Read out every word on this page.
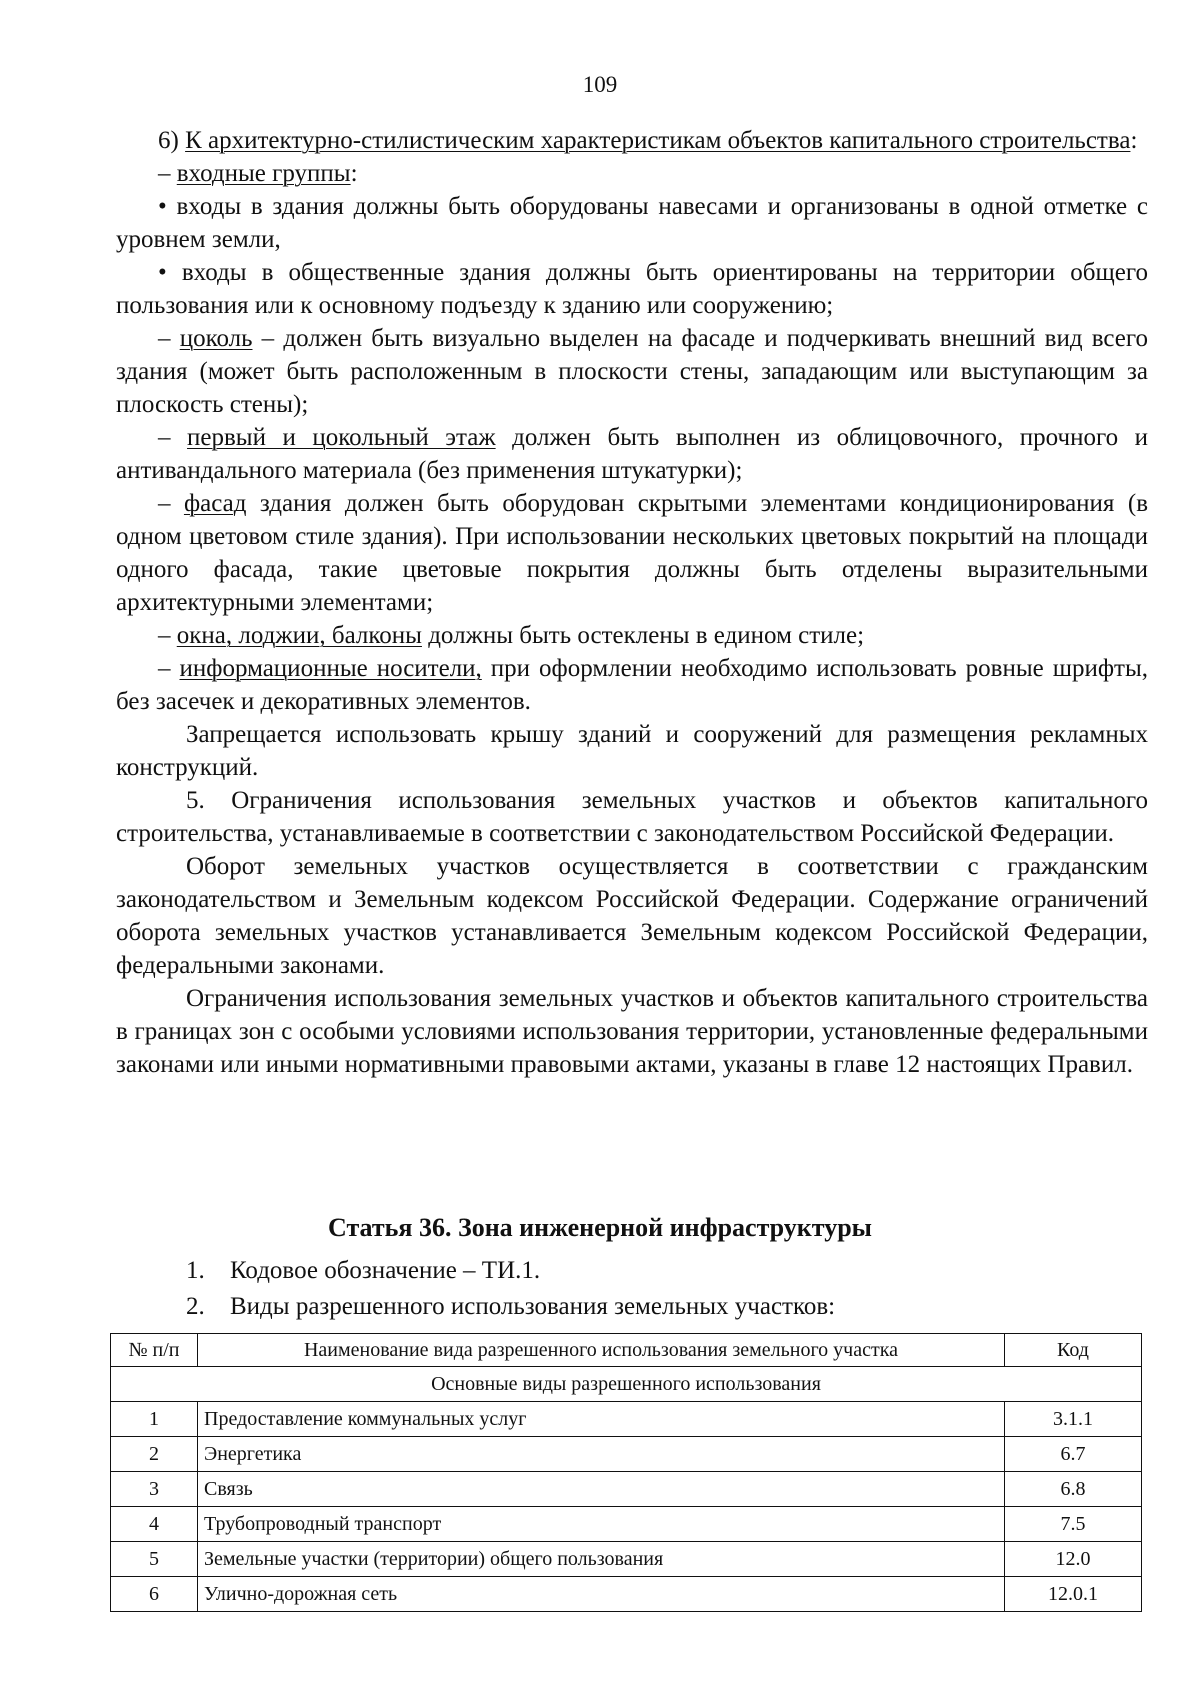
109

6) К архитектурно-стилистическим характеристикам объектов капитального строительства:

– входные группы:

• входы в здания должны быть оборудованы навесами и организованы в одной отметке с уровнем земли,

• входы в общественные здания должны быть ориентированы на территории общего пользования или к основному подъезду к зданию или сооружению;

– цоколь – должен быть визуально выделен на фасаде и подчеркивать внешний вид всего здания (может быть расположенным в плоскости стены, западающим или выступающим за плоскость стены);

– первый и цокольный этаж должен быть выполнен из облицовочного, прочного и антивандального материала (без применения штукатурки);

– фасад здания должен быть оборудован скрытыми элементами кондиционирования (в одном цветовом стиле здания). При использовании нескольких цветовых покрытий на площади одного фасада, такие цветовые покрытия должны быть отделены выразительными архитектурными элементами;

– окна, лоджии, балконы должны быть остеклены в едином стиле;

– информационные носители, при оформлении необходимо использовать ровные шрифты, без засечек и декоративных элементов.

Запрещается использовать крышу зданий и сооружений для размещения рекламных конструкций.

5. Ограничения использования земельных участков и объектов капитального строительства, устанавливаемые в соответствии с законодательством Российской Федерации.

Оборот земельных участков осуществляется в соответствии с гражданским законодательством и Земельным кодексом Российской Федерации. Содержание ограничений оборота земельных участков устанавливается Земельным кодексом Российской Федерации, федеральными законами.

Ограничения использования земельных участков и объектов капитального строительства в границах зон с особыми условиями использования территории, установленные федеральными законами или иными нормативными правовыми актами, указаны в главе 12 настоящих Правил.

Статья 36. Зона инженерной инфраструктуры
1. Кодовое обозначение – ТИ.1.
2. Виды разрешенного использования земельных участков:
№ п/п	Наименование вида разрешенного использования земельного участка	Код
Основные виды разрешенного использования		
1	Предоставление коммунальных услуг	3.1.1
2	Энергетика	6.7
3	Связь	6.8
4	Трубопроводный транспорт	7.5
5	Земельные участки (территории) общего пользования	12.0
6	Улично-дорожная сеть	12.0.1
